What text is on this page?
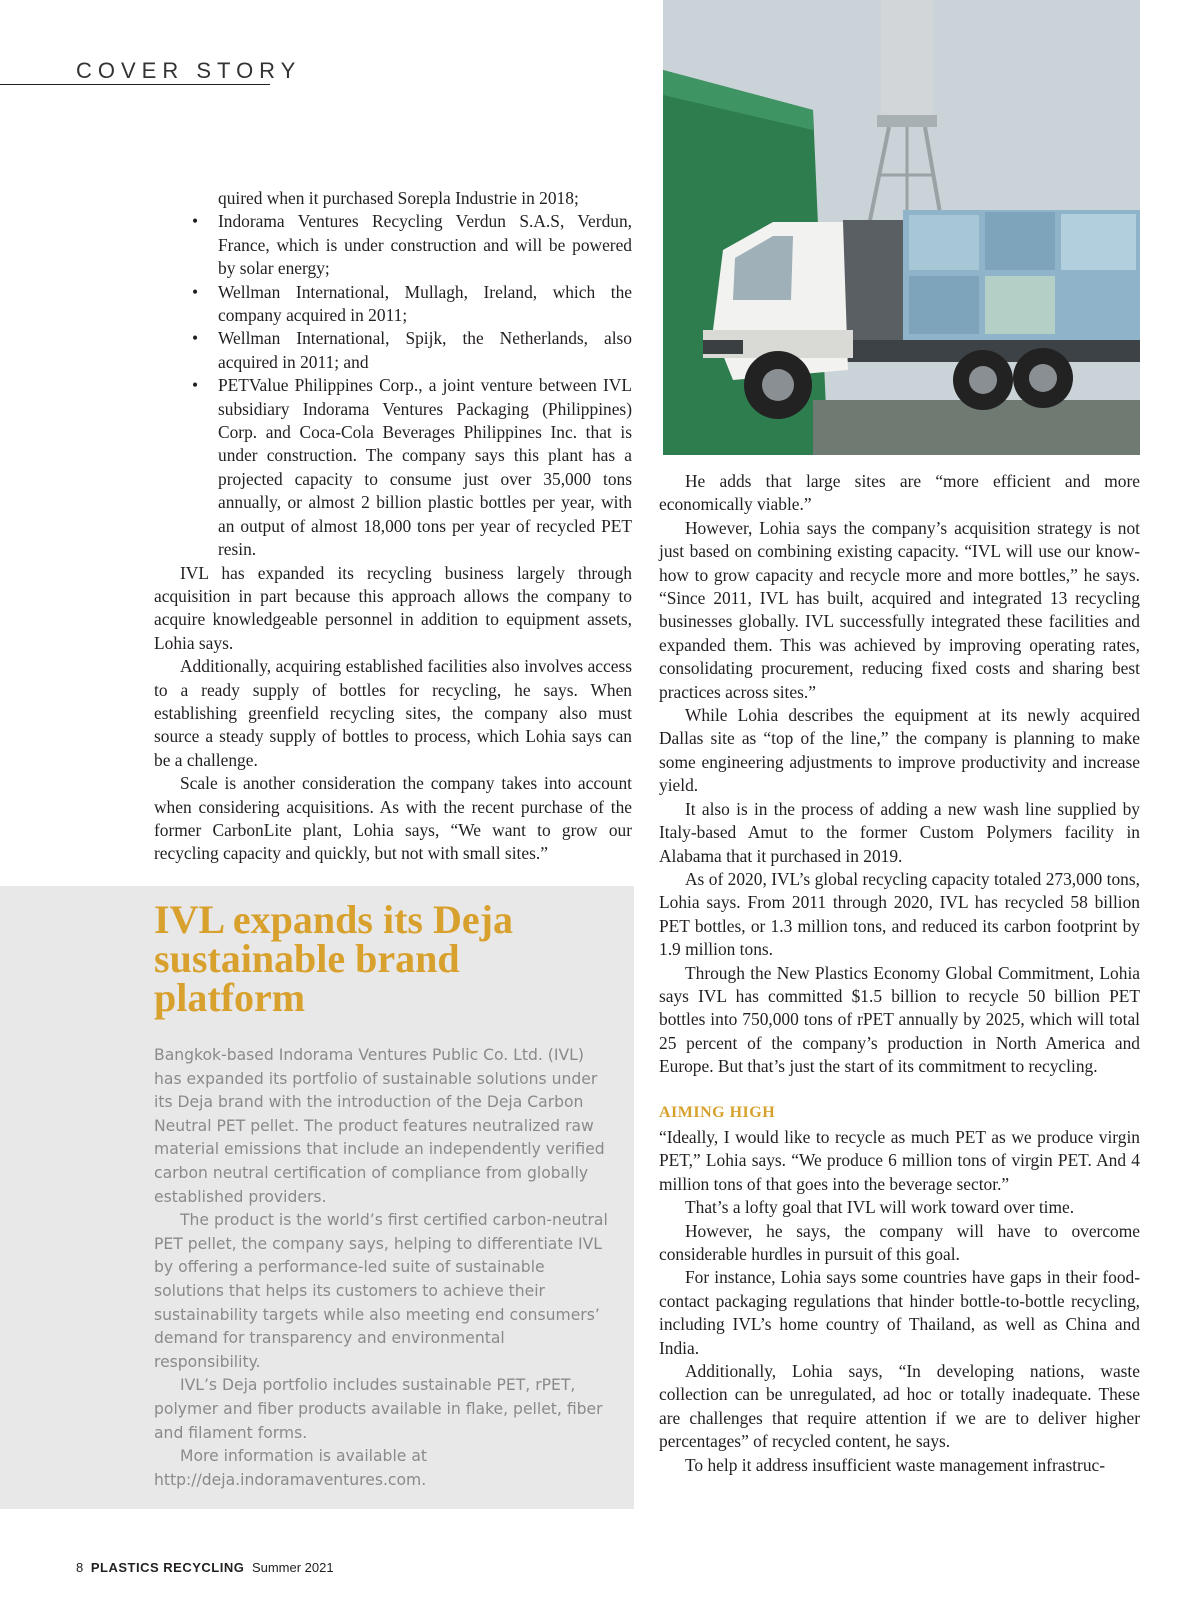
COVER STORY
quired when it purchased Sorepla Industrie in 2018;
• Indorama Ventures Recycling Verdun S.A.S, Verdun, France, which is under construction and will be powered by solar energy;
• Wellman International, Mullagh, Ireland, which the company acquired in 2011;
• Wellman International, Spijk, the Netherlands, also acquired in 2011; and
• PETValue Philippines Corp., a joint venture between IVL subsidiary Indorama Ventures Packaging (Philippines) Corp. and Coca-Cola Beverages Philippines Inc. that is under construction. The company says this plant has a projected capacity to consume just over 35,000 tons annually, or almost 2 billion plastic bottles per year, with an output of almost 18,000 tons per year of recycled PET resin.

IVL has expanded its recycling business largely through acquisition in part because this approach allows the company to acquire knowledgeable personnel in addition to equipment assets, Lohia says.

Additionally, acquiring established facilities also involves access to a ready supply of bottles for recycling, he says. When establishing greenfield recycling sites, the company also must source a steady supply of bottles to process, which Lohia says can be a challenge.

Scale is another consideration the company takes into account when considering acquisitions. As with the recent purchase of the former CarbonLite plant, Lohia says, “We want to grow our recycling capacity and quickly, but not with small sites.”

IVL expands its Deja sustainable brand platform

Bangkok-based Indorama Ventures Public Co. Ltd. (IVL) has expanded its portfolio of sustainable solutions under its Deja brand with the introduction of the Deja Carbon Neutral PET pellet. The product features neutralized raw material emissions that include an independently verified carbon neutral certification of compliance from globally established providers.

The product is the world’s first certified carbon-neutral PET pellet, the company says, helping to differentiate IVL by offering a performance-led suite of sustainable solutions that helps its customers to achieve their sustainability targets while also meeting end consumers’ demand for transparency and environmental responsibility.

IVL’s Deja portfolio includes sustainable PET, rPET, polymer and fiber products available in flake, pellet, fiber and filament forms.

More information is available at http://deja.indoramaventures.com.

He adds that large sites are “more efficient and more economically viable.”

However, Lohia says the company’s acquisition strategy is not just based on combining existing capacity. “IVL will use our know-how to grow capacity and recycle more and more bottles,” he says. “Since 2011, IVL has built, acquired and integrated 13 recycling businesses globally. IVL successfully integrated these facilities and expanded them. This was achieved by improving operating rates, consolidating procurement, reducing fixed costs and sharing best practices across sites.”

While Lohia describes the equipment at its newly acquired Dallas site as “top of the line,” the company is planning to make some engineering adjustments to improve productivity and increase yield.

It also is in the process of adding a new wash line supplied by Italy-based Amut to the former Custom Polymers facility in Alabama that it purchased in 2019.

As of 2020, IVL’s global recycling capacity totaled 273,000 tons, Lohia says. From 2011 through 2020, IVL has recycled 58 billion PET bottles, or 1.3 million tons, and reduced its carbon footprint by 1.9 million tons.

Through the New Plastics Economy Global Commitment, Lohia says IVL has committed $1.5 billion to recycle 50 billion PET bottles into 750,000 tons of rPET annually by 2025, which will total 25 percent of the company’s production in North America and Europe. But that’s just the start of its commitment to recycling.

AIMING HIGH

“Ideally, I would like to recycle as much PET as we produce virgin PET,” Lohia says. “We produce 6 million tons of virgin PET. And 4 million tons of that goes into the beverage sector.”

That’s a lofty goal that IVL will work toward over time.

However, he says, the company will have to overcome considerable hurdles in pursuit of this goal.

For instance, Lohia says some countries have gaps in their food-contact packaging regulations that hinder bottle-to-bottle recycling, including IVL’s home country of Thailand, as well as China and India.

Additionally, Lohia says, “In developing nations, waste collection can be unregulated, ad hoc or totally inadequate. These are challenges that require attention if we are to deliver higher percentages” of recycled content, he says.

To help it address insufficient waste management infrastruc-

8 PLASTICS RECYCLING Summer 2021
